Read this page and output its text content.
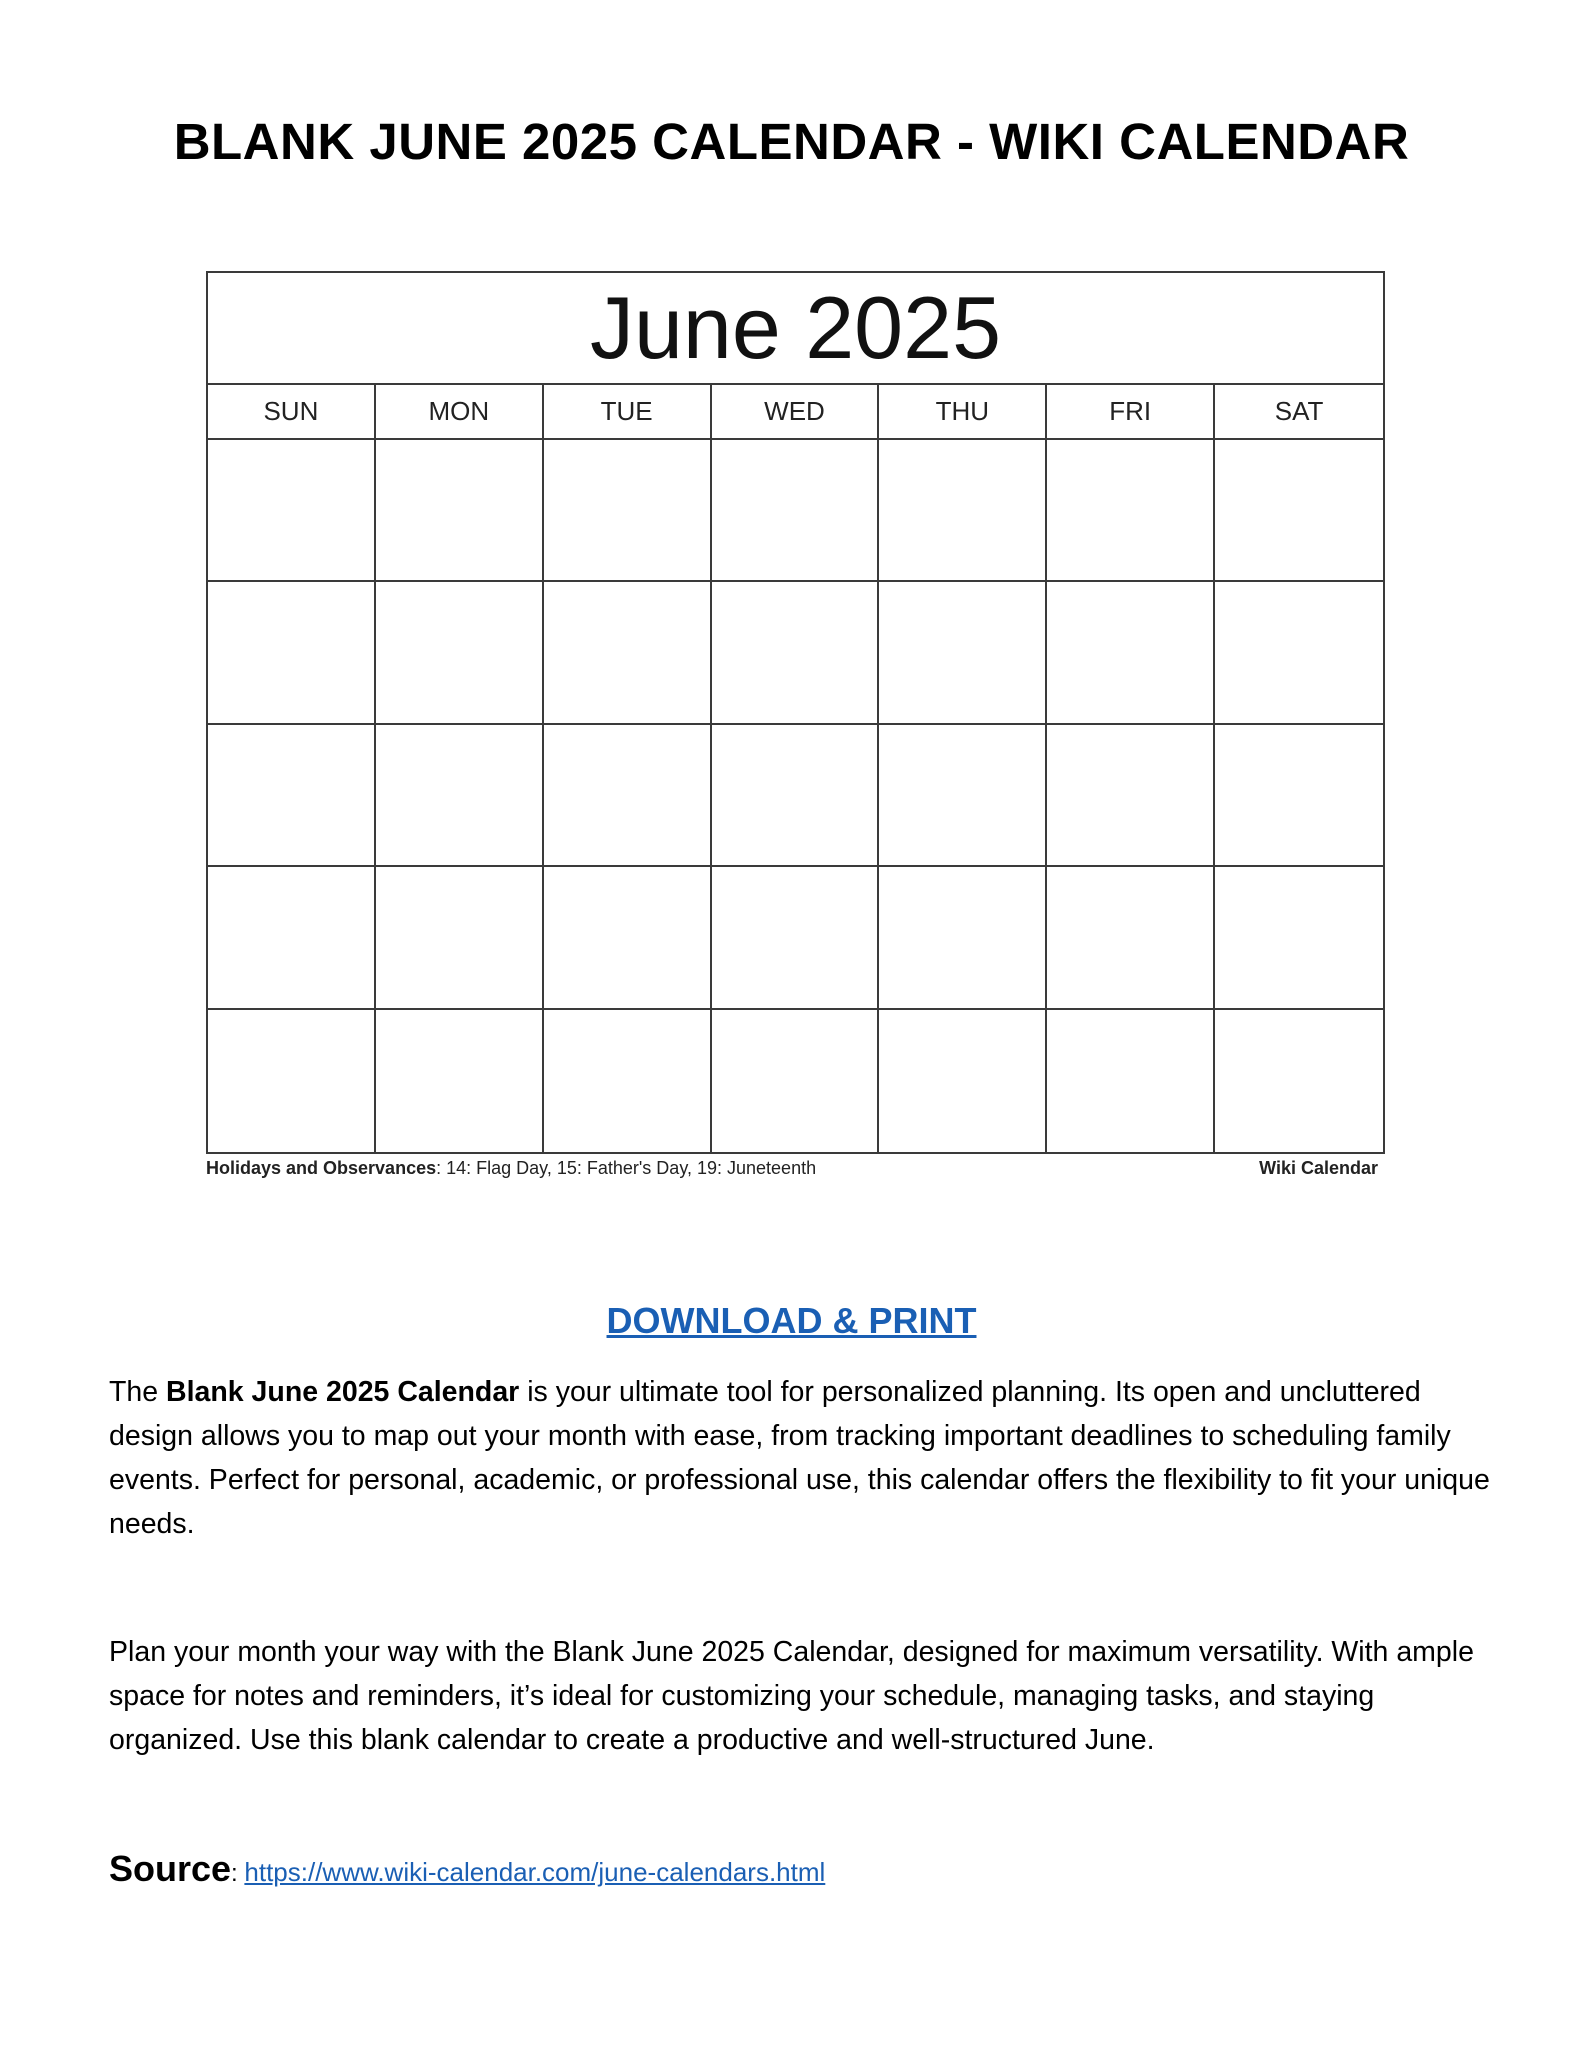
BLANK JUNE 2025 CALENDAR - WIKI CALENDAR
June 2025
SUN	MON	TUE	WED	THU	FRI	SAT
Holidays and Observances: 14: Flag Day, 15: Father's Day, 19: Juneteenth	Wiki Calendar
DOWNLOAD & PRINT

The Blank June 2025 Calendar is your ultimate tool for personalized planning. Its open and uncluttered design allows you to map out your month with ease, from tracking important deadlines to scheduling family events. Perfect for personal, academic, or professional use, this calendar offers the flexibility to fit your unique needs.

Plan your month your way with the Blank June 2025 Calendar, designed for maximum versatility. With ample space for notes and reminders, it’s ideal for customizing your schedule, managing tasks, and staying organized. Use this blank calendar to create a productive and well-structured June.

Source: https://www.wiki-calendar.com/june-calendars.html
